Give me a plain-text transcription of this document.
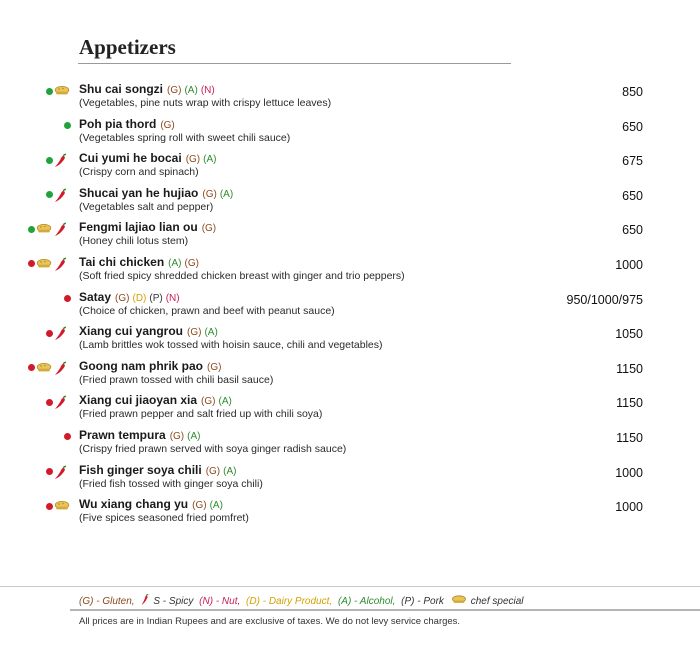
Appetizers
Shu cai songzi (G) (A) (N)
(Vegetables, pine nuts wrap with crispy lettuce leaves)
850
Poh pia thord (G)
(Vegetables spring roll with sweet chili sauce)
650
Cui yumi he bocai (G) (A)
(Crispy corn and spinach)
675
Shucai yan he hujiao (G) (A)
(Vegetables salt and pepper)
650
Fengmi lajiao lian ou (G)
(Honey chili lotus stem)
650
Tai chi chicken (A) (G)
(Soft fried spicy shredded chicken breast with ginger and trio peppers)
1000
Satay (G) (D) (P) (N)
(Choice of chicken, prawn and beef with peanut sauce)
950/1000/975
Xiang cui yangrou (G) (A)
(Lamb brittles wok tossed with hoisin sauce, chili and vegetables)
1050
Goong nam phrik pao (G)
(Fried prawn tossed with chili basil sauce)
1150
Xiang cui jiaoyan xia (G) (A)
(Fried prawn pepper and salt fried up with chili soya)
1150
Prawn tempura (G) (A)
(Crispy fried prawn served with soya ginger radish sauce)
1150
Fish ginger soya chili (G) (A)
(Fried fish tossed with ginger soya chili)
1000
Wu xiang chang yu (G) (A)
(Five spices seasoned fried pomfret)
1000
(G) - Gluten, S - Spicy (N) - Nut, (D) - Dairy Product, (A) - Alcohol, (P) - Pork	chef special
All prices are in Indian Rupees and are exclusive of taxes. We do not levy service charges.
